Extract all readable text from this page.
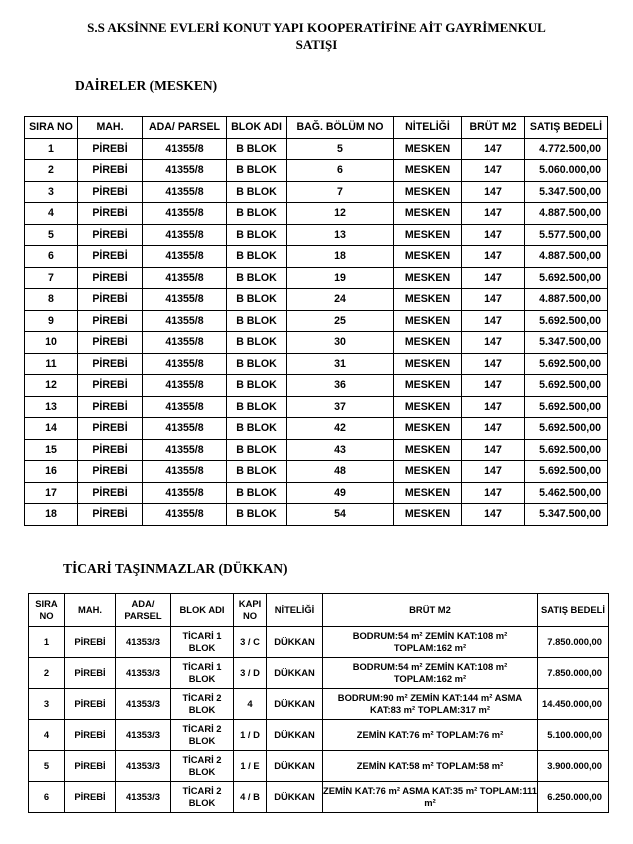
S.S AKSİNNE EVLERİ KONUT YAPI KOOPERATİFİNE AİT GAYRİMENKUL
SATIŞI
DAİRELER (MESKEN)
SIRA NO	MAH.	ADA/ PARSEL	BLOK ADI	BAĞ. BÖLÜM NO	NİTELİĞİ	BRÜT M2	SATIŞ BEDELİ
1	PİREBİ	41355/8	B BLOK	5	MESKEN	147	4.772.500,00
2	PİREBİ	41355/8	B BLOK	6	MESKEN	147	5.060.000,00
3	PİREBİ	41355/8	B BLOK	7	MESKEN	147	5.347.500,00
4	PİREBİ	41355/8	B BLOK	12	MESKEN	147	4.887.500,00
5	PİREBİ	41355/8	B BLOK	13	MESKEN	147	5.577.500,00
6	PİREBİ	41355/8	B BLOK	18	MESKEN	147	4.887.500,00
7	PİREBİ	41355/8	B BLOK	19	MESKEN	147	5.692.500,00
8	PİREBİ	41355/8	B BLOK	24	MESKEN	147	4.887.500,00
9	PİREBİ	41355/8	B BLOK	25	MESKEN	147	5.692.500,00
10	PİREBİ	41355/8	B BLOK	30	MESKEN	147	5.347.500,00
11	PİREBİ	41355/8	B BLOK	31	MESKEN	147	5.692.500,00
12	PİREBİ	41355/8	B BLOK	36	MESKEN	147	5.692.500,00
13	PİREBİ	41355/8	B BLOK	37	MESKEN	147	5.692.500,00
14	PİREBİ	41355/8	B BLOK	42	MESKEN	147	5.692.500,00
15	PİREBİ	41355/8	B BLOK	43	MESKEN	147	5.692.500,00
16	PİREBİ	41355/8	B BLOK	48	MESKEN	147	5.692.500,00
17	PİREBİ	41355/8	B BLOK	49	MESKEN	147	5.462.500,00
18	PİREBİ	41355/8	B BLOK	54	MESKEN	147	5.347.500,00
TİCARİ TAŞINMAZLAR (DÜKKAN)
SIRA NO	MAH.	ADA/ PARSEL	BLOK ADI	KAPI NO	NİTELİĞİ	BRÜT M2	SATIŞ BEDELİ
1	PİREBİ	41353/3	TİCARİ 1 BLOK	3 / C	DÜKKAN	BODRUM:54 m² ZEMİN KAT:108 m² TOPLAM:162 m²	7.850.000,00
2	PİREBİ	41353/3	TİCARİ 1 BLOK	3 / D	DÜKKAN	BODRUM:54 m² ZEMİN KAT:108 m² TOPLAM:162 m²	7.850.000,00
3	PİREBİ	41353/3	TİCARİ 2 BLOK	4	DÜKKAN	BODRUM:90 m² ZEMİN KAT:144 m² ASMA KAT:83 m² TOPLAM:317 m²	14.450.000,00
4	PİREBİ	41353/3	TİCARİ 2 BLOK	1 / D	DÜKKAN	ZEMİN KAT:76 m² TOPLAM:76 m²	5.100.000,00
5	PİREBİ	41353/3	TİCARİ 2 BLOK	1 / E	DÜKKAN	ZEMİN KAT:58 m² TOPLAM:58 m²	3.900.000,00
6	PİREBİ	41353/3	TİCARİ 2 BLOK	4 / B	DÜKKAN	ZEMİN KAT:76 m² ASMA KAT:35 m² TOPLAM:111 m²	6.250.000,00
